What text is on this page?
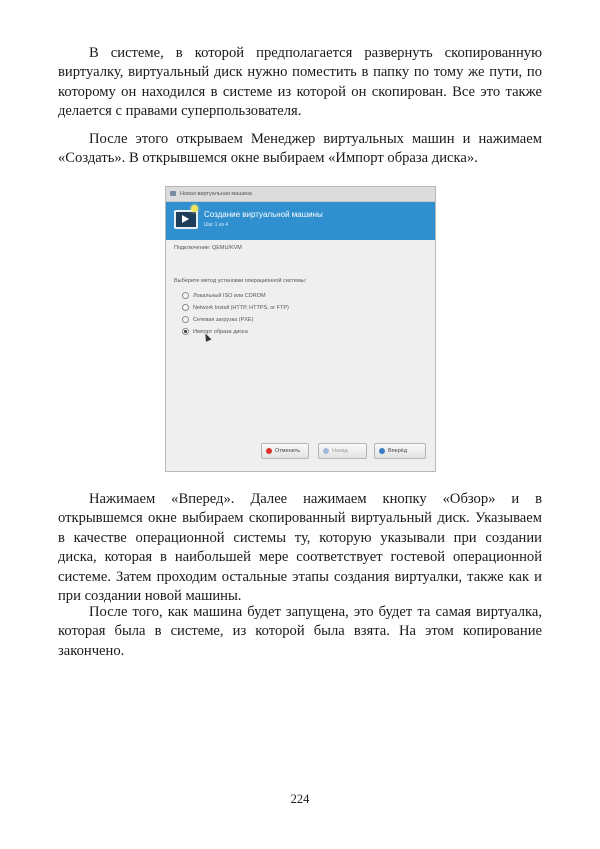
В системе, в которой предполагается развернуть скопированную виртуалку, виртуальный диск нужно поместить в папку по тому же пути, по которому он находился в системе из которой он скопирован. Все это также делается с правами суперпользователя.

После этого открываем Менеджер виртуальных машин и нажимаем «Создать». В открывшемся окне выбираем «Импорт образа диска».

Новая виртуальная машина
Создание виртуальной машины
Шаг 1 из 4
Подключение: QEMU/KVM
Выберите метод установки операционной системы:
Локальный ISO или CDROM
Network Install (HTTP, HTTPS, or FTP)
Сетевая загрузка (PXE)
Импорт образа диска
Отменить	Назад	Вперёд

Нажимаем «Вперед». Далее нажимаем кнопку «Обзор» и в открывшемся окне выбираем скопированный виртуальный диск. Указываем в качестве операционной системы ту, которую указывали при создании диска, которая в наибольшей мере соответствует гостевой операционной системе. Затем проходим остальные этапы создания виртуалки, также как и при создании новой машины.

После того, как машина будет запущена, это будет та самая виртуалка, которая была в системе, из которой была взята. На этом копирование закончено.

224
